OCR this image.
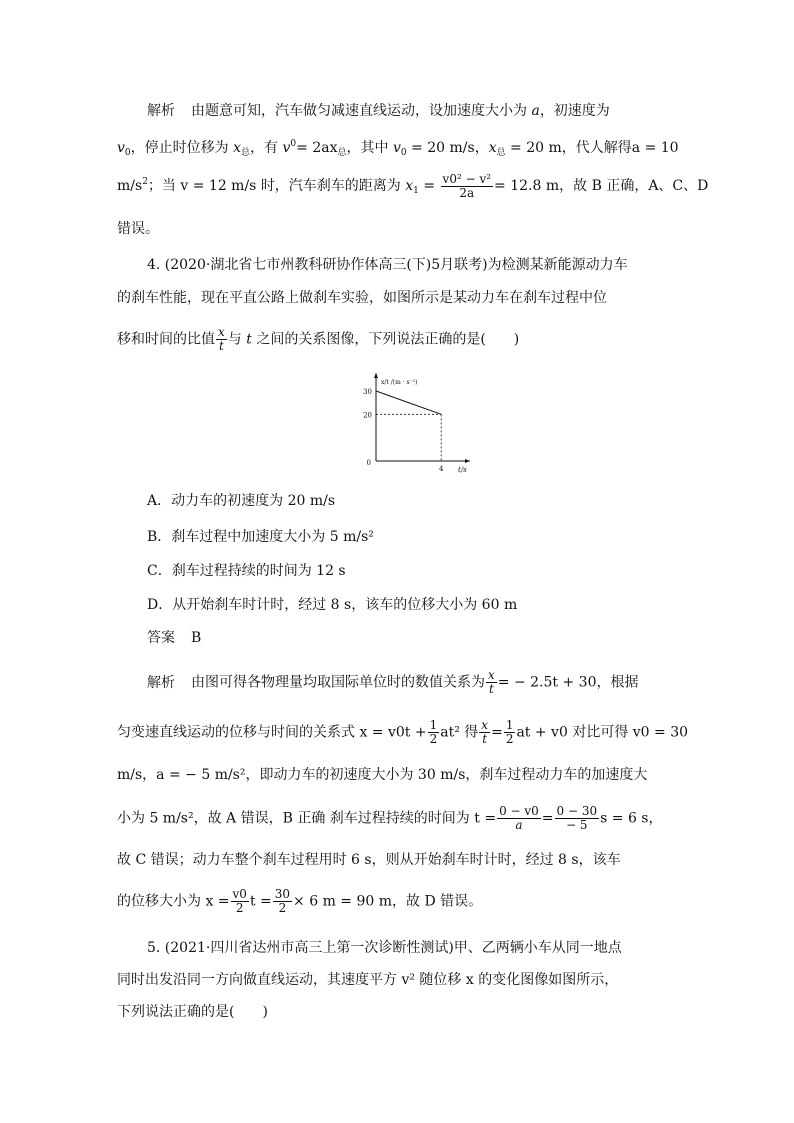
解析 由题意可知，汽车做匀减速直线运动，设加速度大小为 a，初速度为
$v_0$，停止时位移为 $x_总$，有 $v^0= 2ax_总$，其中 $v_0 = 20$ m/s，$x_总 = 20$ m，代人解得a = 10
$m/s^2$；当 v = 12 m/s 时，汽车刹车的距离为 $x_1 = \frac{\text{v0² − v²}}{2a} = 12.8$ m，故 B 正确，A、C、D
错误。
4. (2020·湖北省七市州教科研协作体高三(下)5月联考)为检测某新能源动力车
的刹车性能，现在平直公路上做刹车实验，如图所示是某动力车在刹车过程中位
移和时间的比值 $\frac{x}{t}$ 与 t 之间的关系图像，下列说法正确的是(　　)
x/t /(m · s⁻¹)
t/s
30
20
0
4
A．动力车的初速度为 20 m/s
B．刹车过程中加速度大小为 5 m/s²
C．刹车过程持续的时间为 12 s
D．从开始刹车时计时，经过 8 s，该车的位移大小为 60 m
答案 B
解析 由图可得各物理量均取国际单位时的数值关系为 $\frac{x}{t}$ = − 2.5t + 30，根据
匀变速直线运动的位移与时间的关系式 $x = v0t + \frac{1}{2} at^2$ 得 $\frac{x}{t} = \frac{1}{2}$ at + v0 对比可得 v0 = 30
m/s，a = − 5 m/s²，即动力车的初速度大小为 30 m/s，刹车过程动力车的加速度大
小为 5 m/s²，故 A 错误，B 正确 刹车过程持续的时间为 $t = \frac{0 - v0}{a} = \frac{0 - 30}{- 5}$ s = 6 s，
故 C 错误；动力车整个刹车过程用时 6 s，则从开始刹车时计时，经过 8 s，该车
的位移大小为 $x = \frac{v0}{2}$ $t = \frac{30}{2} \times 6$ m = 90 m，故 D 错误。
5. (2021·四川省达州市高三上第一次诊断性测试)甲、乙两辆小车从同一地点
同时出发沿同一方向做直线运动，其速度平方 v² 随位移 x 的变化图像如图所示，
下列说法正确的是(　　)
